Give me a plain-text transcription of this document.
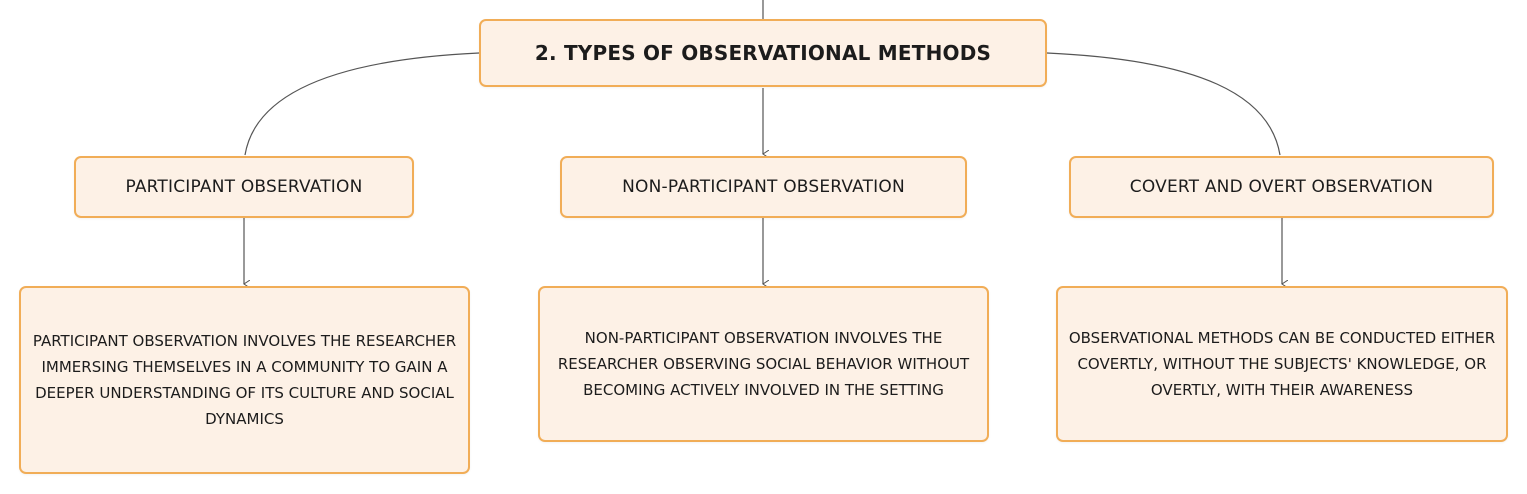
2. TYPES OF OBSERVATIONAL METHODS
PARTICIPANT OBSERVATION	NON-PARTICIPANT OBSERVATION	COVERT AND OVERT OBSERVATION
PARTICIPANT OBSERVATION INVOLVES THE RESEARCHER IMMERSING THEMSELVES IN A COMMUNITY TO GAIN A DEEPER UNDERSTANDING OF ITS CULTURE AND SOCIAL DYNAMICS
NON-PARTICIPANT OBSERVATION INVOLVES THE RESEARCHER OBSERVING SOCIAL BEHAVIOR WITHOUT BECOMING ACTIVELY INVOLVED IN THE SETTING
OBSERVATIONAL METHODS CAN BE CONDUCTED EITHER COVERTLY, WITHOUT THE SUBJECTS' KNOWLEDGE, OR OVERTLY, WITH THEIR AWARENESS
